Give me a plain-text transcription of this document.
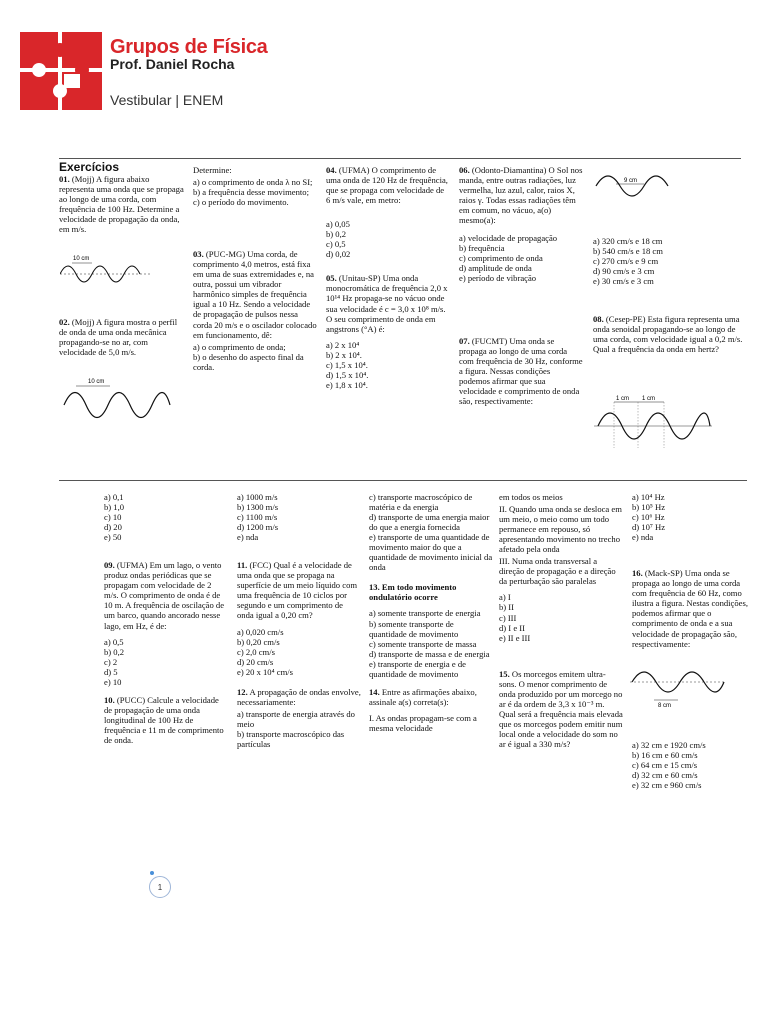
Grupos de Física
Prof. Daniel Rocha
Vestibular | ENEM
Exercícios

01. (Mojj) A figura abaixo representa uma onda que se propaga ao longo de uma corda, com frequência de 100 Hz. Determine a velocidade de propagação da onda, em m/s.

10 cm

02. (Mojj) A figura mostra o perfil de onda de uma onda mecânica propagando-se no ar, com velocidade de 5,0 m/s.

10 cm

Determine:

a) o comprimento de onda λ no SI;
b) a frequência desse movimento;
c) o período do movimento.

03. (PUC-MG) Uma corda, de comprimento 4,0 metros, está fixa em uma de suas extremidades e, na outra, possui um vibrador harmônico simples de frequência igual a 10 Hz. Sendo a velocidade de propagação de pulsos nessa corda 20 m/s e o oscilador colocado em funcionamento, dê:

a) o comprimento de onda;
b) o desenho do aspecto final da corda.

04. (UFMA) O comprimento de uma onda de 120 Hz de frequência, que se propaga com velocidade de 6 m/s vale, em metro:

a) 0,05
b) 0,2
c) 0,5
d) 0,02

05. (Unitau-SP) Uma onda monocromática de frequência 2,0 x 10¹⁴ Hz propaga-se no vácuo onde sua velocidade é c = 3,0 x 10⁸ m/s. O seu comprimento de onda em angstrons (°A) é:

a) 2 x 10⁴
b) 2 x 10⁴.
c) 1,5 x 10⁴.
d) 1,5 x 10⁴.
e) 1,8 x 10⁴.

06. (Odonto-Diamantina) O Sol nos manda, entre outras radiações, luz vermelha, luz azul, calor, raios X, raios γ. Todas essas radiações têm em comum, no vácuo, a(o) mesmo(a):

a) velocidade de propagação
b) frequência
c) comprimento de onda
d) amplitude de onda
e) período de vibração

07. (FUCMT) Uma onda se propaga ao longo de uma corda com frequência de 30 Hz, conforme a figura. Nessas condições podemos afirmar que sua velocidade e comprimento de onda são, respectivamente:

9 cm
a) 320 cm/s e 18 cm
b) 540 cm/s e 18 cm
c) 270 cm/s e 9 cm
d) 90 cm/s e 3 cm
e) 30 cm/s e 3 cm

08. (Cesep-PE) Esta figura representa uma onda senoidal propagando-se ao longo de uma corda, com velocidade igual a 0,2 m/s. Qual a frequência da onda em hertz?

1 cm 1 cm
a) 0,1
b) 1,0
c) 10
d) 20
e) 50

09. (UFMA) Em um lago, o vento produz ondas periódicas que se propagam com velocidade de 2 m/s. O comprimento de onda é de 10 m. A frequência de oscilação de um barco, quando ancorado nesse lago, em Hz, é de:

a) 0,5
b) 0,2
c) 2
d) 5
e) 10

10. (PUCC) Calcule a velocidade de propagação de uma onda longitudinal de 100 Hz de frequência e 11 m de comprimento de onda.

a) 1000 m/s
b) 1300 m/s
c) 1100 m/s
d) 1200 m/s
e) nda

11. (FCC) Qual é a velocidade de uma onda que se propaga na superfície de um meio líquido com uma frequência de 10 ciclos por segundo e um comprimento de onda igual a 0,20 cm?

a) 0,020 cm/s
b) 0,20 cm/s
c) 2,0 cm/s
d) 20 cm/s
e) 20 x 10⁴ cm/s

12. A propagação de ondas envolve, necessariamente:

a) transporte de energia através do meio
b) transporte macroscópico das partículas
c) transporte macroscópico de matéria e da energia
d) transporte de uma energia maior do que a energia fornecida
e) transporte de uma quantidade de movimento maior do que a quantidade de movimento inicial da onda

13. Em todo movimento ondulatório ocorre

a) somente transporte de energia
b) somente transporte de quantidade de movimento
c) somente transporte de massa
d) transporte de massa e de energia
e) transporte de energia e de quantidade de movimento

14. Entre as afirmações abaixo, assinale a(s) correta(s):

I. As ondas propagam-se com a mesma velocidade

em todos os meios

II. Quando uma onda se desloca em um meio, o meio como um todo permanece em repouso, só apresentando movimento no trecho afetado pela onda

III. Numa onda transversal a direção de propagação e a direção da perturbação são paralelas

a) I
b) II
c) III
d) I e II
e) II e III

15. Os morcegos emitem ultra-sons. O menor comprimento de onda produzido por um morcego no ar é da ordem de 3,3 x 10⁻³ m. Qual será a frequência mais elevada que os morcegos podem emitir num local onde a velocidade do som no ar é igual a 330 m/s?

a) 10⁴ Hz
b) 10⁵ Hz
c) 10⁶ Hz
d) 10⁷ Hz
e) nda

16. (Mack-SP) Uma onda se propaga ao longo de uma corda com frequência de 60 Hz, como ilustra a figura. Nestas condições, podemos afirmar que o comprimento de onda e a sua velocidade de propagação são, respectivamente:

8 cm
a) 32 cm e 1920 cm/s
b) 16 cm e 60 cm/s
c) 64 cm e 15 cm/s
d) 32 cm e 60 cm/s
e) 32 cm e 960 cm/s
1
